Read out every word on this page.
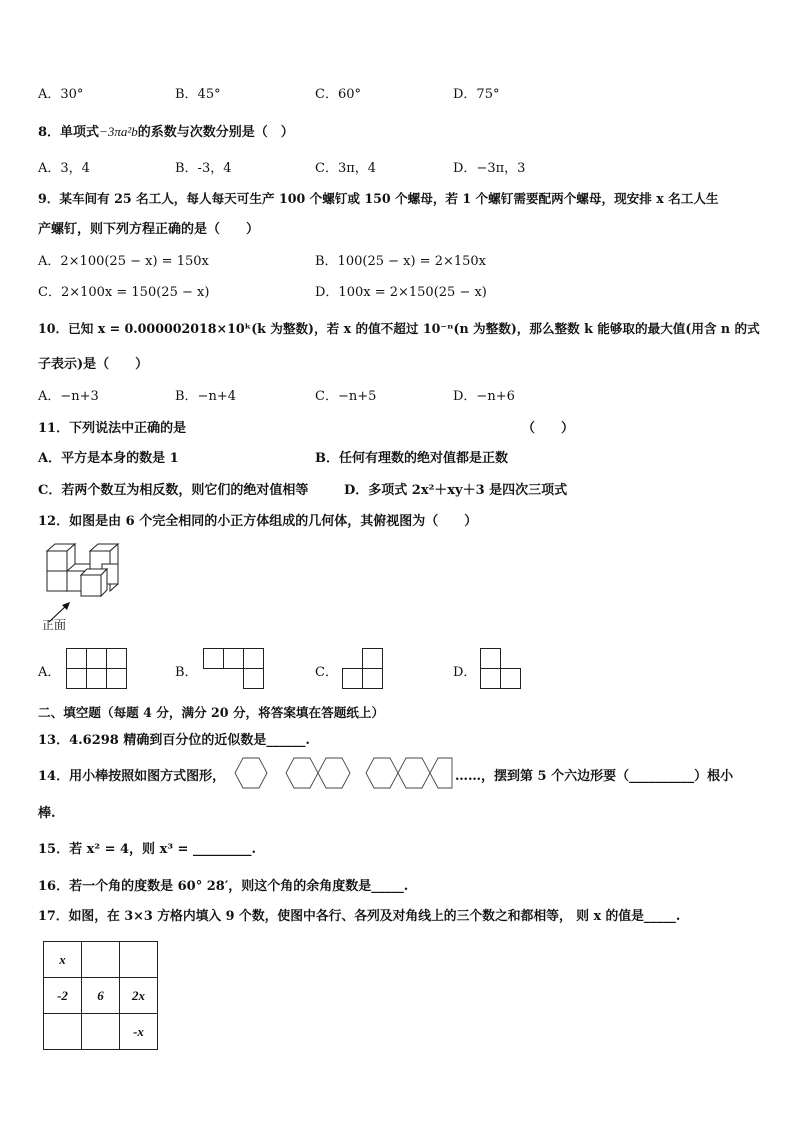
A．30°	B．45°	C．60°	D．75°
8．单项式−3πa²b的系数与次数分别是（　）
A．3，4	B．-3，4	C．3π，4	D．−3π，3
9．某车间有 25 名工人，每人每天可生产 100 个螺钉或 150 个螺母，若 1 个螺钉需要配两个螺母，现安排 x 名工人生
产螺钉，则下列方程正确的是（　　）
A．2×100(25 − x) = 150x	B．100(25 − x) = 2×150x
C．2×100x = 150(25 − x)	D．100x = 2×150(25 − x)
10．已知 x = 0.000002018×10ᵏ(k 为整数)，若 x 的值不超过 10⁻ⁿ(n 为整数)，那么整数 k 能够取的最大值(用含 n 的式
子表示)是（　　）
A．−n+3	B．−n+4	C．−n+5	D．−n+6
11．下列说法中正确的是	（　　）
A．平方是本身的数是 1	B．任何有理数的绝对值都是正数
C．若两个数互为相反数，则它们的绝对值相等	D．多项式 2x²＋xy＋3 是四次三项式
12．如图是由 6 个完全相同的小正方体组成的几何体，其俯视图为（　　）
正面
A．	B．	C．	D．
二、填空题（每题 4 分，满分 20 分，将答案填在答题纸上）
13．4.6298 精确到百分位的近似数是______.
14．用小棒按照如图方式图形，	……，摆到第 5 个六边形要（__________）根小
棒.
15．若 x² = 4，则 x³ = _________.
16．若一个角的度数是 60° 28′，则这个角的余角度数是_____.
17．如图，在 3×3 方格内填入 9 个数，使图中各行、各列及对角线上的三个数之和都相等， 则 x 的值是_____.
x		
-2	6	2x
		-x
